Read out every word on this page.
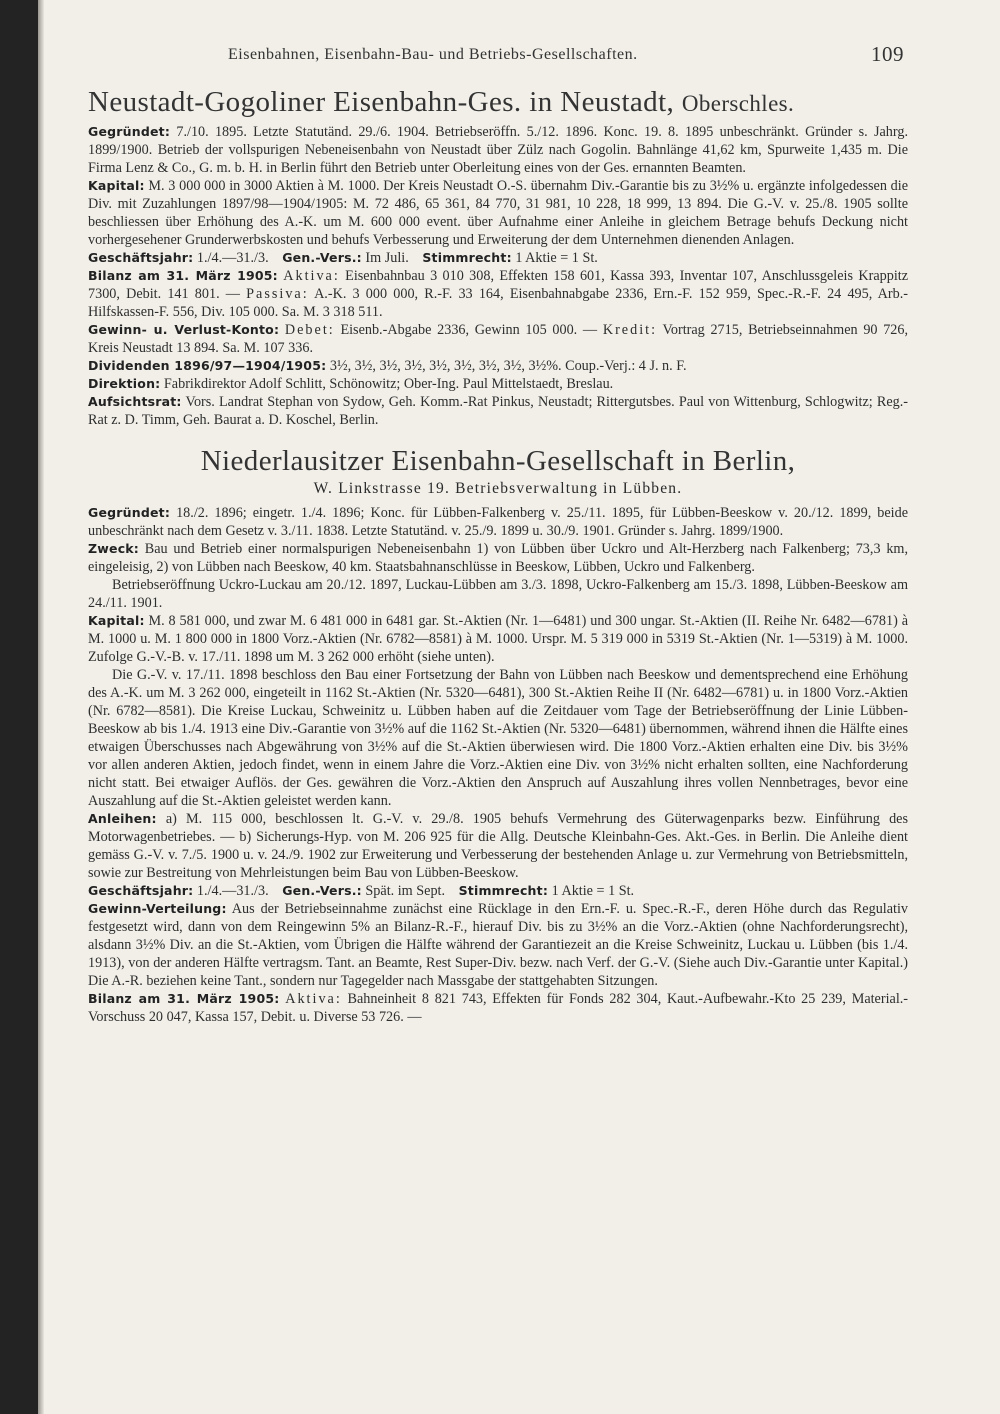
Eisenbahnen, Eisenbahn-Bau- und Betriebs-Gesellschaften.	109
Neustadt-Gogoliner Eisenbahn-Ges. in Neustadt, Oberschles.

Gegründet: 7./10. 1895. Letzte Statutänd. 29./6. 1904. Betriebseröffn. 5./12. 1896. Konc. 19. 8. 1895 unbeschränkt. Gründer s. Jahrg. 1899/1900. Betrieb der vollspurigen Nebeneisenbahn von Neustadt über Zülz nach Gogolin. Bahnlänge 41,62 km, Spurweite 1,435 m. Die Firma Lenz & Co., G. m. b. H. in Berlin führt den Betrieb unter Oberleitung eines von der Ges. ernannten Beamten.

Kapital: M. 3 000 000 in 3000 Aktien à M. 1000. Der Kreis Neustadt O.-S. übernahm Div.-Garantie bis zu 3½% u. ergänzte infolgedessen die Div. mit Zuzahlungen 1897/98—1904/1905: M. 72 486, 65 361, 84 770, 31 981, 10 228, 18 999, 13 894. Die G.-V. v. 25./8. 1905 sollte beschliessen über Erhöhung des A.-K. um M. 600 000 event. über Aufnahme einer Anleihe in gleichem Betrage behufs Deckung nicht vorhergesehener Grunderwerbskosten und behufs Verbesserung und Erweiterung der dem Unternehmen dienenden Anlagen.

Geschäftsjahr: 1./4.—31./3. Gen.-Vers.: Im Juli. Stimmrecht: 1 Aktie = 1 St.

Bilanz am 31. März 1905: Aktiva: Eisenbahnbau 3 010 308, Effekten 158 601, Kassa 393, Inventar 107, Anschlussgeleis Krappitz 7300, Debit. 141 801. — Passiva: A.-K. 3 000 000, R.-F. 33 164, Eisenbahnabgabe 2336, Ern.-F. 152 959, Spec.-R.-F. 24 495, Arb.-Hilfskassen-F. 556, Div. 105 000. Sa. M. 3 318 511.

Gewinn- u. Verlust-Konto: Debet: Eisenb.-Abgabe 2336, Gewinn 105 000. — Kredit: Vortrag 2715, Betriebseinnahmen 90 726, Kreis Neustadt 13 894. Sa. M. 107 336.

Dividenden 1896/97—1904/1905: 3½, 3½, 3½, 3½, 3½, 3½, 3½, 3½, 3½%. Coup.-Verj.: 4 J. n. F.

Direktion: Fabrikdirektor Adolf Schlitt, Schönowitz; Ober-Ing. Paul Mittelstaedt, Breslau.

Aufsichtsrat: Vors. Landrat Stephan von Sydow, Geh. Komm.-Rat Pinkus, Neustadt; Rittergutsbes. Paul von Wittenburg, Schlogwitz; Reg.-Rat z. D. Timm, Geh. Baurat a. D. Koschel, Berlin.

Niederlausitzer Eisenbahn-Gesellschaft in Berlin,
W. Linkstrasse 19. Betriebsverwaltung in Lübben.

Gegründet: 18./2. 1896; eingetr. 1./4. 1896; Konc. für Lübben-Falkenberg v. 25./11. 1895, für Lübben-Beeskow v. 20./12. 1899, beide unbeschränkt nach dem Gesetz v. 3./11. 1838. Letzte Statutänd. v. 25./9. 1899 u. 30./9. 1901. Gründer s. Jahrg. 1899/1900.

Zweck: Bau und Betrieb einer normalspurigen Nebeneisenbahn 1) von Lübben über Uckro und Alt-Herzberg nach Falkenberg; 73,3 km, eingeleisig, 2) von Lübben nach Beeskow, 40 km. Staatsbahnanschlüsse in Beeskow, Lübben, Uckro und Falkenberg.

Betriebseröffnung Uckro-Luckau am 20./12. 1897, Luckau-Lübben am 3./3. 1898, Uckro-Falkenberg am 15./3. 1898, Lübben-Beeskow am 24./11. 1901.

Kapital: M. 8 581 000, und zwar M. 6 481 000 in 6481 gar. St.-Aktien (Nr. 1—6481) und 300 ungar. St.-Aktien (II. Reihe Nr. 6482—6781) à M. 1000 u. M. 1 800 000 in 1800 Vorz.-Aktien (Nr. 6782—8581) à M. 1000. Urspr. M. 5 319 000 in 5319 St.-Aktien (Nr. 1—5319) à M. 1000. Zufolge G.-V.-B. v. 17./11. 1898 um M. 3 262 000 erhöht (siehe unten).

Die G.-V. v. 17./11. 1898 beschloss den Bau einer Fortsetzung der Bahn von Lübben nach Beeskow und dementsprechend eine Erhöhung des A.-K. um M. 3 262 000, eingeteilt in 1162 St.-Aktien (Nr. 5320—6481), 300 St.-Aktien Reihe II (Nr. 6482—6781) u. in 1800 Vorz.-Aktien (Nr. 6782—8581). Die Kreise Luckau, Schweinitz u. Lübben haben auf die Zeitdauer vom Tage der Betriebseröffnung der Linie Lübben-Beeskow ab bis 1./4. 1913 eine Div.-Garantie von 3½% auf die 1162 St.-Aktien (Nr. 5320—6481) übernommen, während ihnen die Hälfte eines etwaigen Überschusses nach Abgewährung von 3½% auf die St.-Aktien überwiesen wird. Die 1800 Vorz.-Aktien erhalten eine Div. bis 3½% vor allen anderen Aktien, jedoch findet, wenn in einem Jahre die Vorz.-Aktien eine Div. von 3½% nicht erhalten sollten, eine Nachforderung nicht statt. Bei etwaiger Auflös. der Ges. gewähren die Vorz.-Aktien den Anspruch auf Auszahlung ihres vollen Nennbetrages, bevor eine Auszahlung auf die St.-Aktien geleistet werden kann.

Anleihen: a) M. 115 000, beschlossen lt. G.-V. v. 29./8. 1905 behufs Vermehrung des Güterwagenparks bezw. Einführung des Motorwagenbetriebes. — b) Sicherungs-Hyp. von M. 206 925 für die Allg. Deutsche Kleinbahn-Ges. Akt.-Ges. in Berlin. Die Anleihe dient gemäss G.-V. v. 7./5. 1900 u. v. 24./9. 1902 zur Erweiterung und Verbesserung der bestehenden Anlage u. zur Vermehrung von Betriebsmitteln, sowie zur Bestreitung von Mehrleistungen beim Bau von Lübben-Beeskow.

Geschäftsjahr: 1./4.—31./3. Gen.-Vers.: Spät. im Sept. Stimmrecht: 1 Aktie = 1 St.

Gewinn-Verteilung: Aus der Betriebseinnahme zunächst eine Rücklage in den Ern.-F. u. Spec.-R.-F., deren Höhe durch das Regulativ festgesetzt wird, dann von dem Reingewinn 5% an Bilanz-R.-F., hierauf Div. bis zu 3½% an die Vorz.-Aktien (ohne Nachforderungsrecht), alsdann 3½% Div. an die St.-Aktien, vom Übrigen die Hälfte während der Garantiezeit an die Kreise Schweinitz, Luckau u. Lübben (bis 1./4. 1913), von der anderen Hälfte vertragsm. Tant. an Beamte, Rest Super-Div. bezw. nach Verf. der G.-V. (Siehe auch Div.-Garantie unter Kapital.) Die A.-R. beziehen keine Tant., sondern nur Tagegelder nach Massgabe der stattgehabten Sitzungen.

Bilanz am 31. März 1905: Aktiva: Bahneinheit 8 821 743, Effekten für Fonds 282 304, Kaut.-Aufbewahr.-Kto 25 239, Material.-Vorschuss 20 047, Kassa 157, Debit. u. Diverse 53 726. —
